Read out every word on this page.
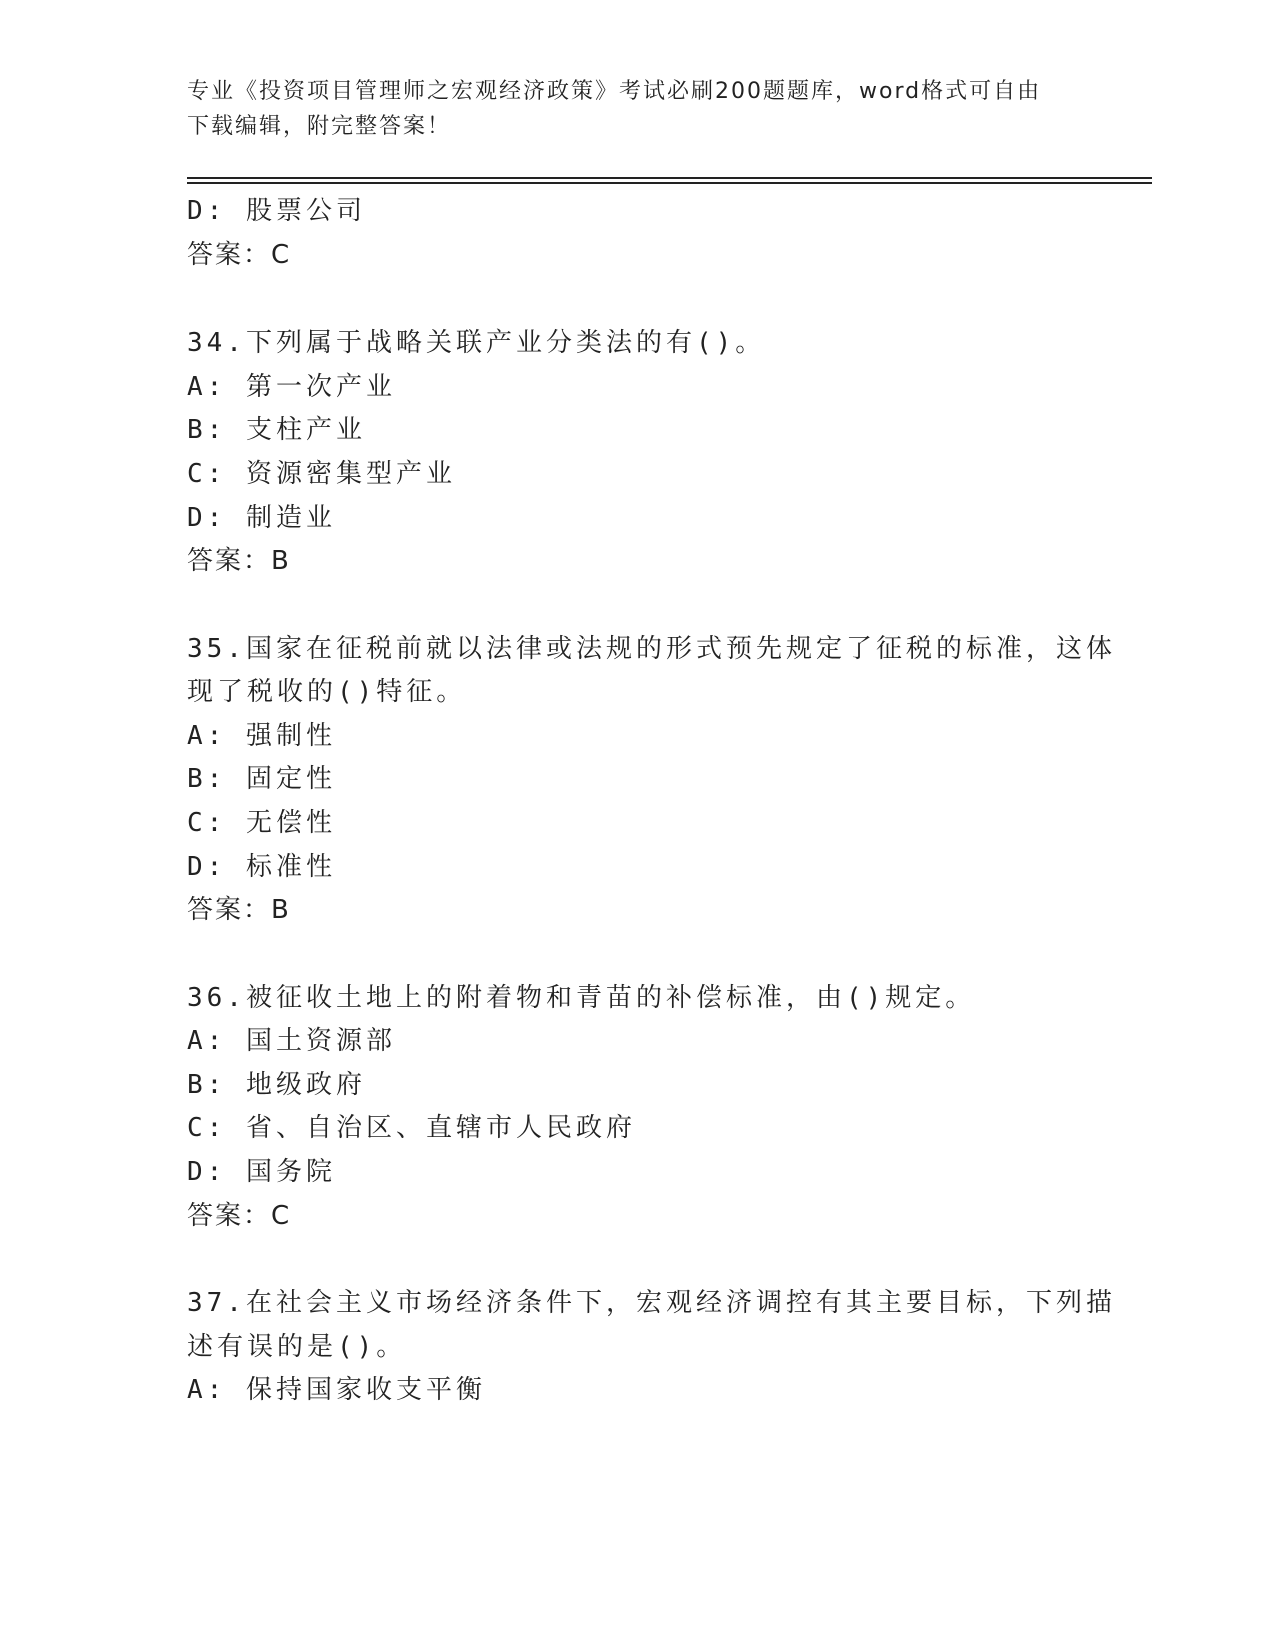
专业《投资项目管理师之宏观经济政策》考试必刷200题题库，word格式可自由
下载编辑，附完整答案！
D: 股票公司
答案：C
34.下列属于战略关联产业分类法的有()。
A: 第一次产业
B: 支柱产业
C: 资源密集型产业
D: 制造业
答案：B
35.国家在征税前就以法律或法规的形式预先规定了征税的标准，这体
现了税收的()特征。
A: 强制性
B: 固定性
C: 无偿性
D: 标准性
答案：B
36.被征收土地上的附着物和青苗的补偿标准，由()规定。
A: 国土资源部
B: 地级政府
C: 省、自治区、直辖市人民政府
D: 国务院
答案：C
37.在社会主义市场经济条件下，宏观经济调控有其主要目标，下列描
述有误的是()。
A: 保持国家收支平衡
